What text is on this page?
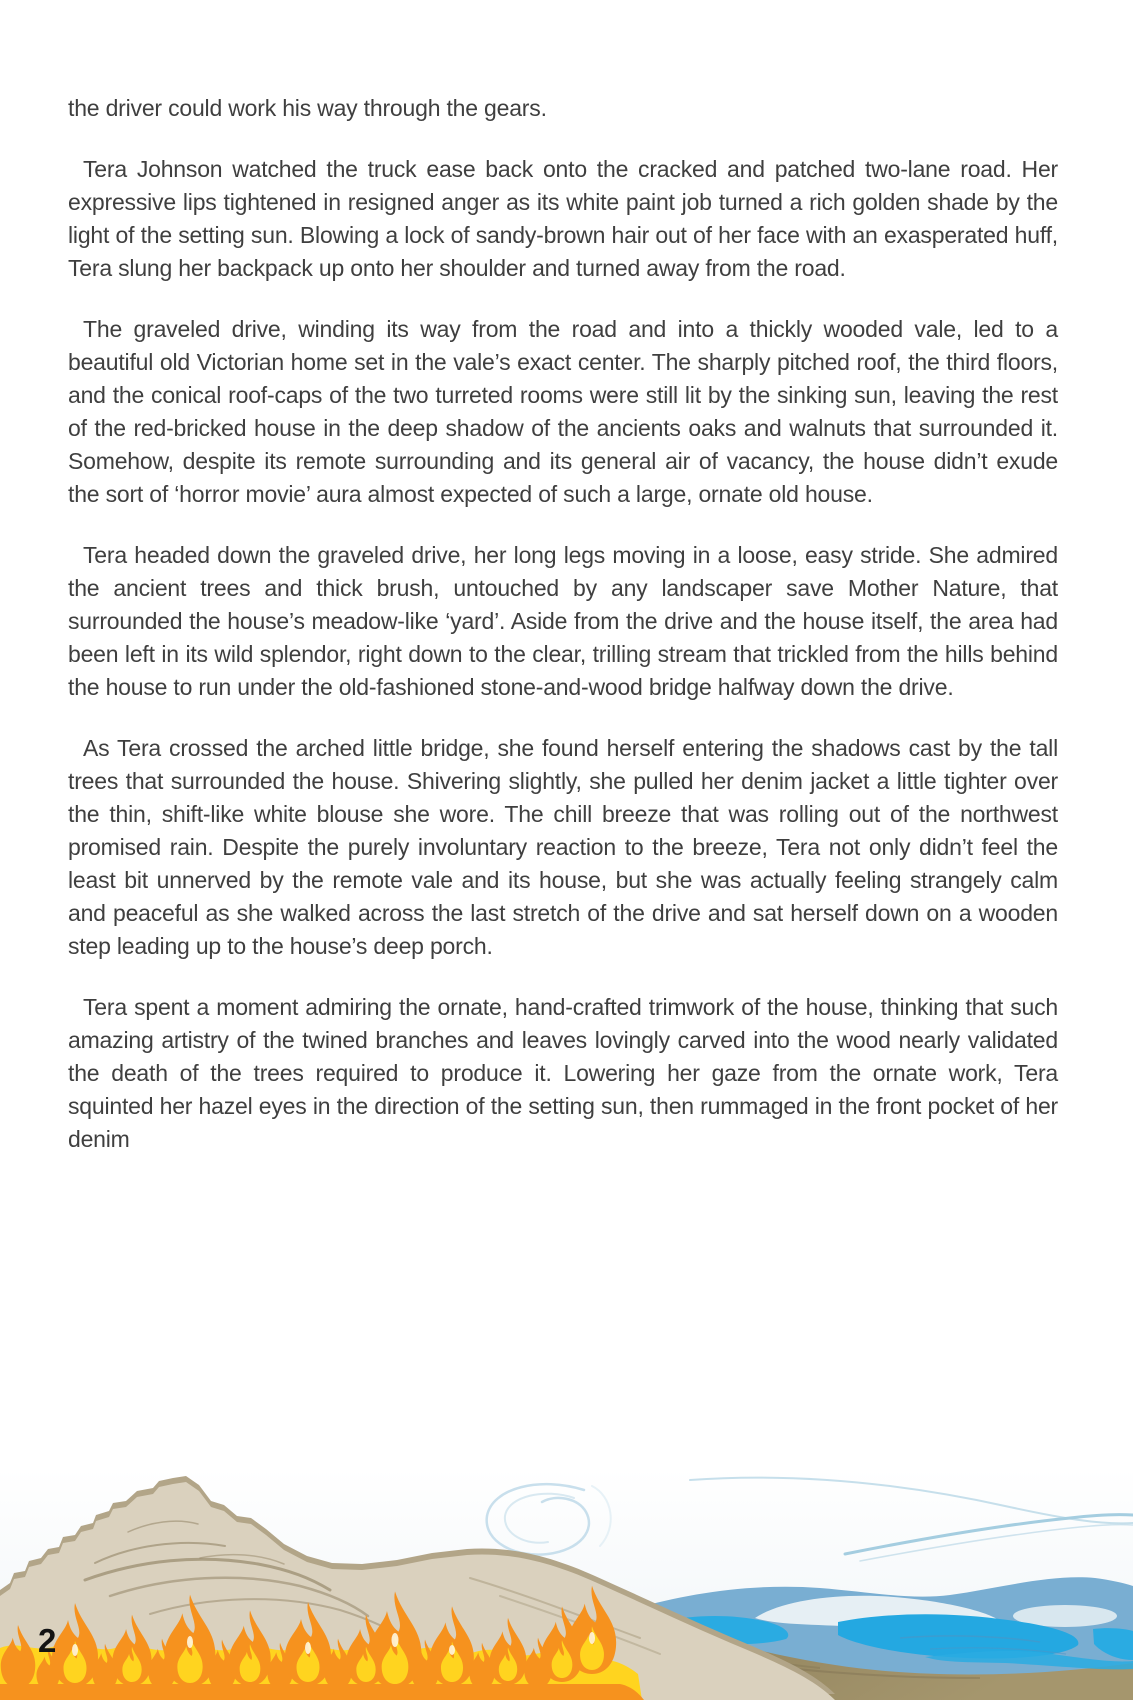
the driver could work his way through the gears.

Tera Johnson watched the truck ease back onto the cracked and patched two-lane road. Her expressive lips tightened in resigned anger as its white paint job turned a rich golden shade by the light of the setting sun. Blowing a lock of sandy-brown hair out of her face with an exasperated huff, Tera slung her backpack up onto her shoulder and turned away from the road.

The graveled drive, winding its way from the road and into a thickly wooded vale, led to a beautiful old Victorian home set in the vale’s exact center. The sharply pitched roof, the third floors, and the conical roof-caps of the two turreted rooms were still lit by the sinking sun, leaving the rest of the red-bricked house in the deep shadow of the ancients oaks and walnuts that surrounded it. Somehow, despite its remote surrounding and its general air of vacancy, the house didn’t exude the sort of ‘horror movie’ aura almost expected of such a large, ornate old house.

Tera headed down the graveled drive, her long legs moving in a loose, easy stride. She admired the ancient trees and thick brush, untouched by any landscaper save Mother Nature, that surrounded the house’s meadow-like ‘yard’. Aside from the drive and the house itself, the area had been left in its wild splendor, right down to the clear, trilling stream that trickled from the hills behind the house to run under the old-fashioned stone-and-wood bridge halfway down the drive.

As Tera crossed the arched little bridge, she found herself entering the shadows cast by the tall trees that surrounded the house. Shivering slightly, she pulled her denim jacket a little tighter over the thin, shift-like white blouse she wore. The chill breeze that was rolling out of the northwest promised rain. Despite the purely involuntary reaction to the breeze, Tera not only didn’t feel the least bit unnerved by the remote vale and its house, but she was actually feeling strangely calm and peaceful as she walked across the last stretch of the drive and sat herself down on a wooden step leading up to the house’s deep porch.

Tera spent a moment admiring the ornate, hand-crafted trimwork of the house, thinking that such amazing artistry of the twined branches and leaves lovingly carved into the wood nearly validated the death of the trees required to produce it. Lowering her gaze from the ornate work, Tera squinted her hazel eyes in the direction of the setting sun, then rummaged in the front pocket of her denim

2
